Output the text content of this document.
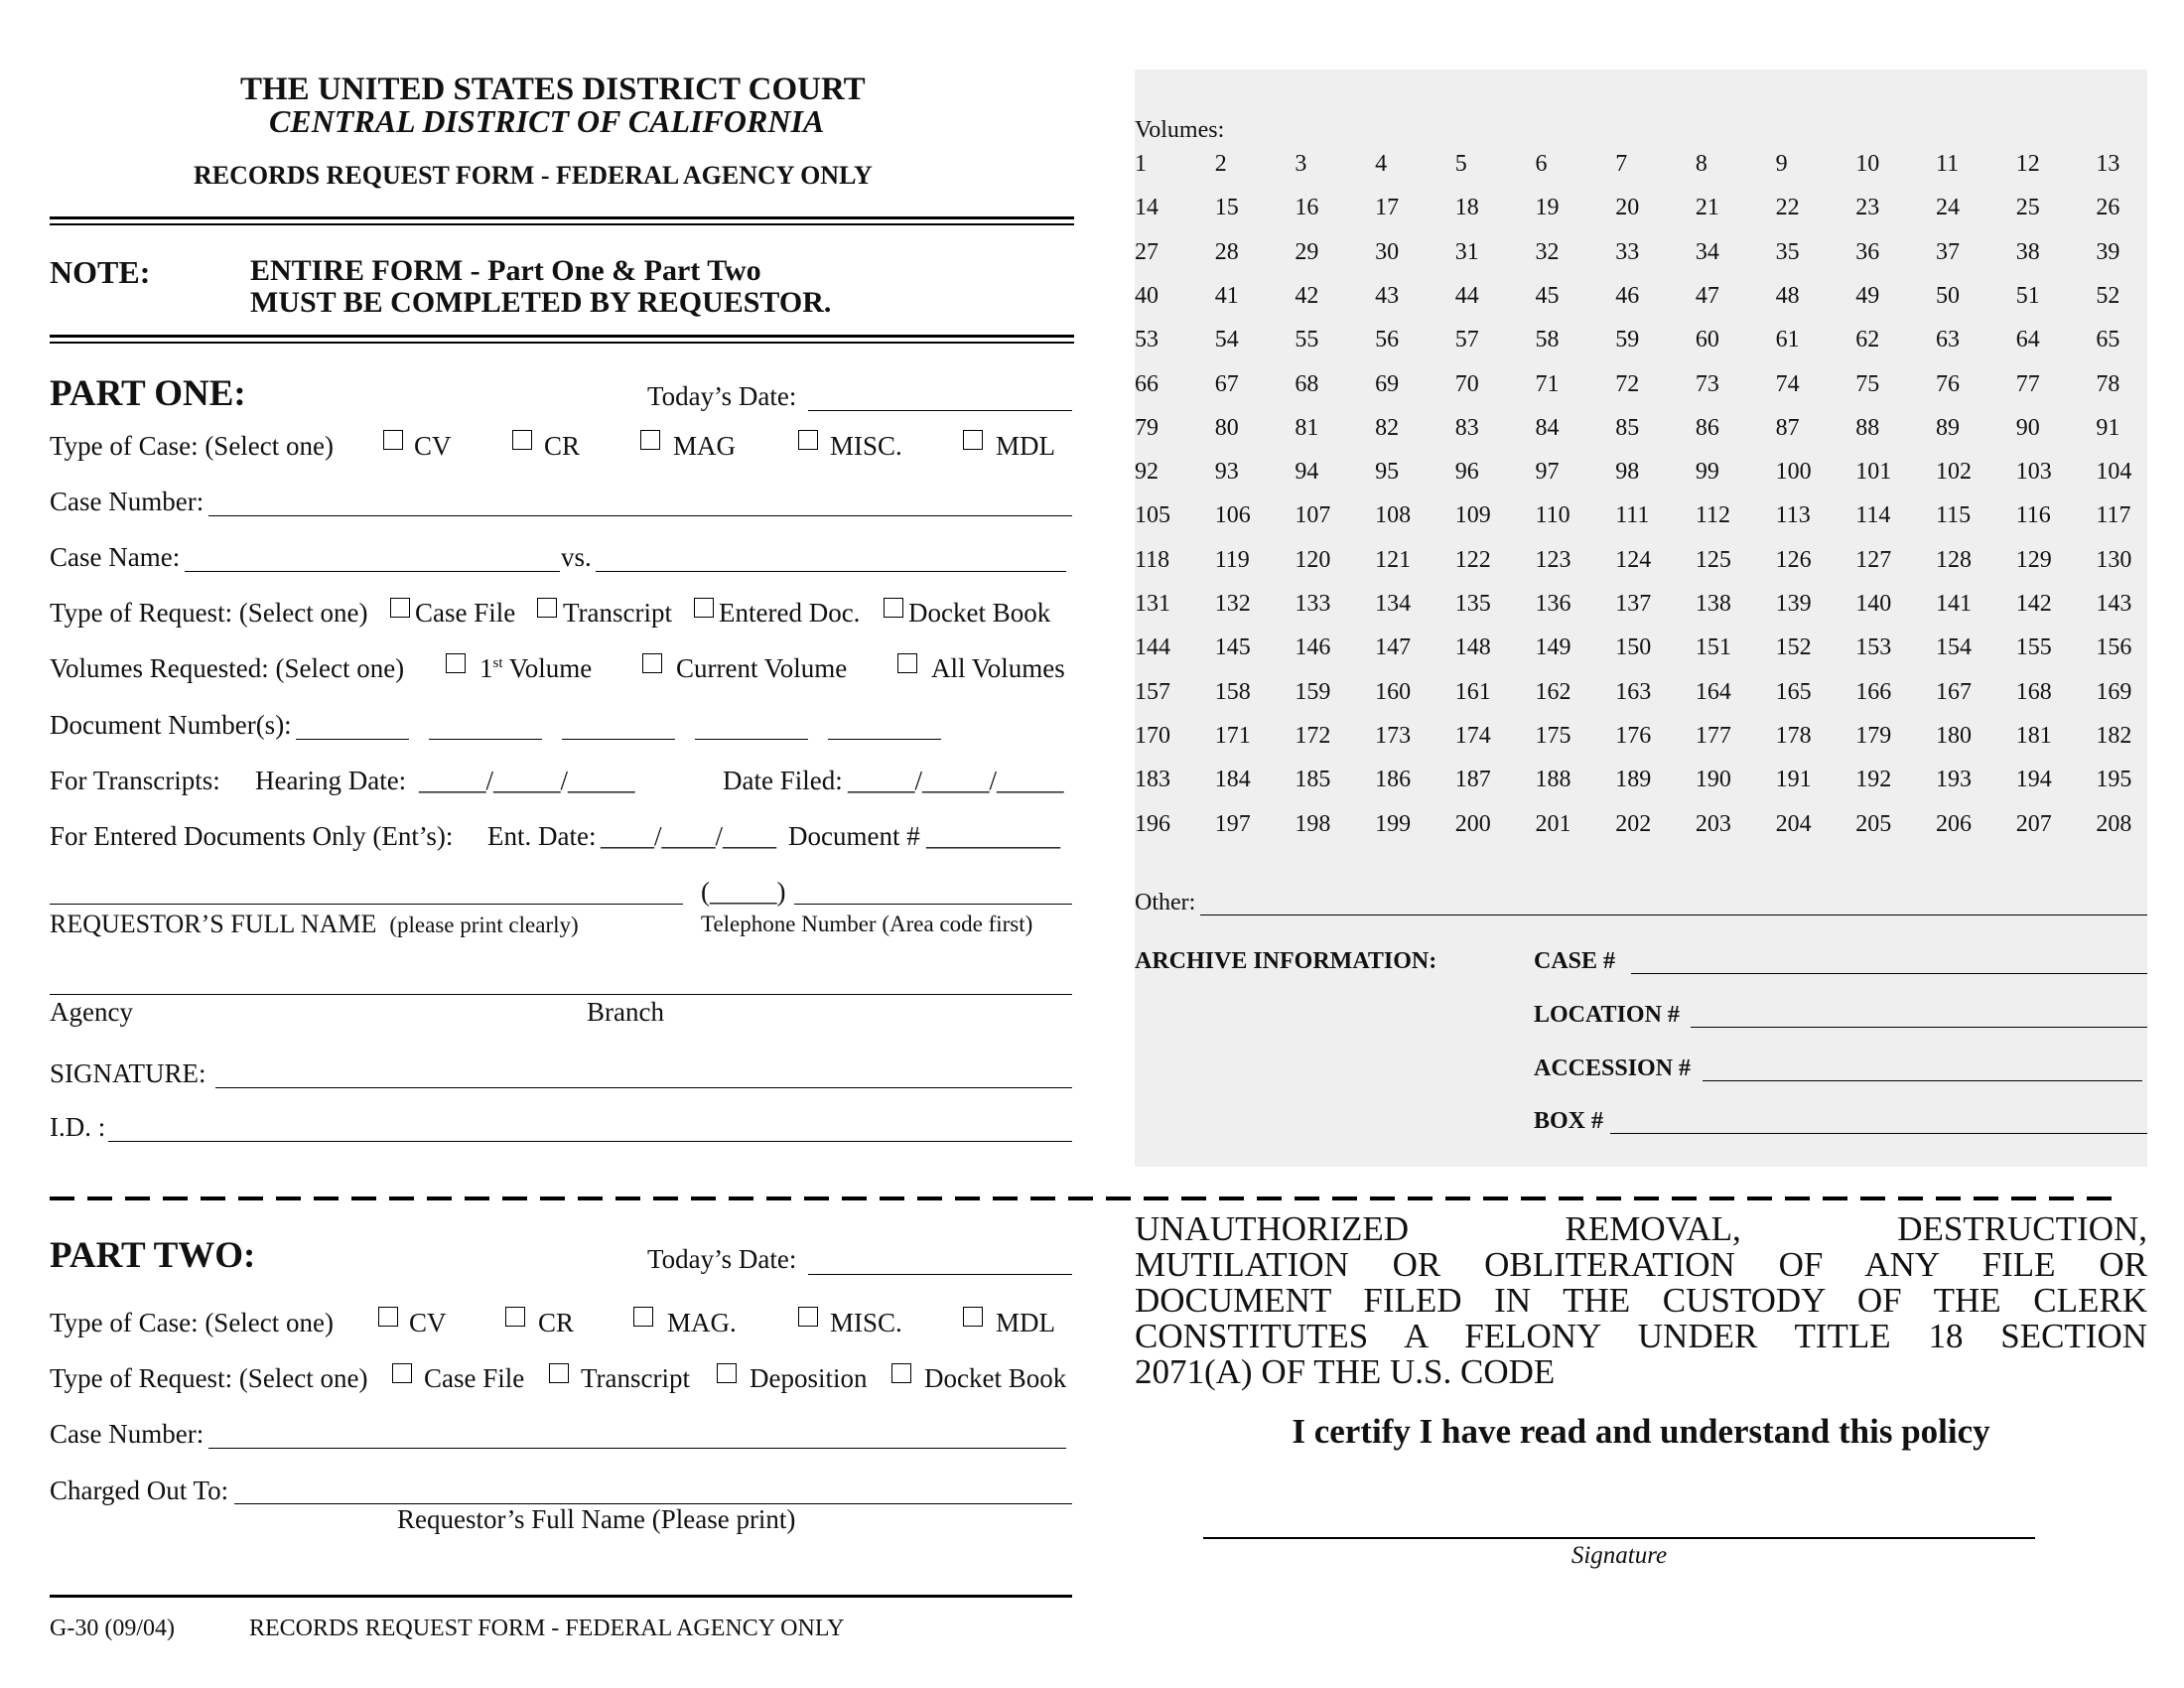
THE UNITED STATES DISTRICT COURT
CENTRAL DISTRICT OF CALIFORNIA
RECORDS REQUEST FORM - FEDERAL AGENCY ONLY
NOTE:	ENTIRE FORM - Part One & Part Two
MUST BE COMPLETED BY REQUESTOR.
PART ONE:	Today’s Date:
Type of Case: (Select one)	CV	CR	MAG	MISC.	MDL
Case Number:
Case Name:	vs.
Type of Request: (Select one) Case File Transcript Entered Doc. Docket Book
Volumes Requested: (Select one)	1st Volume	Current Volume	All Volumes
Document Number(s):
For Transcripts: Hearing Date: _____/_____/_____	Date Filed: _____/_____/_____
For Entered Documents Only (Ent’s): Ent. Date: ____/____/____ Document # __________
(_____)
REQUESTOR’S FULL NAME (please print clearly)	Telephone Number (Area code first)
Agency	Branch
SIGNATURE:
I.D. :
Volumes:
1	2	3	4	5	6	7	8	9	10 11 12 13
14 15 16 17 18 19 20 21 22 23 24 25 26
27 28 29 30 31 32 33 34 35 36 37 38 39
40 41 42 43 44 45 46 47 48 49 50 51 52
53 54 55 56 57 58 59 60 61 62 63 64 65
66 67 68 69 70 71 72 73 74 75 76 77 78
79 80 81 82 83 84 85 86 87 88 89 90 91
92 93 94 95 96 97 98 99 100 101 102 103 104
105 106 107 108 109 110 111 112 113 114 115 116 117
118 119 120 121 122 123 124 125 126 127 128 129 130
131 132 133 134 135 136 137 138 139 140 141 142 143
144 145 146 147 148 149 150 151 152 153 154 155 156
157 158 159 160 161 162 163 164 165 166 167 168 169
170 171 172 173 174 175 176 177 178 179 180 181 182
183 184 185 186 187 188 189 190 191 192 193 194 195
196 197 198 199 200 201 202 203 204 205 206 207 208
Other:
ARCHIVE INFORMATION:	CASE #
LOCATION #
ACCESSION #
BOX #
PART TWO:	Today’s Date:
Type of Case: (Select one)	CV	CR	MAG.	MISC.	MDL
Type of Request: (Select one) Case File Transcript Deposition Docket Book
Case Number:
Charged Out To:
Requestor’s Full Name (Please print)
G-30 (09/04)	RECORDS REQUEST FORM - FEDERAL AGENCY ONLY
UNAUTHORIZED REMOVAL, DESTRUCTION,
MUTILATION OR OBLITERATION OF ANY FILE OR
DOCUMENT FILED IN THE CUSTODY OF THE CLERK
CONSTITUTES A FELONY UNDER TITLE 18 SECTION
2071(A) OF THE U.S. CODE
I certify I have read and understand this policy
Signature
